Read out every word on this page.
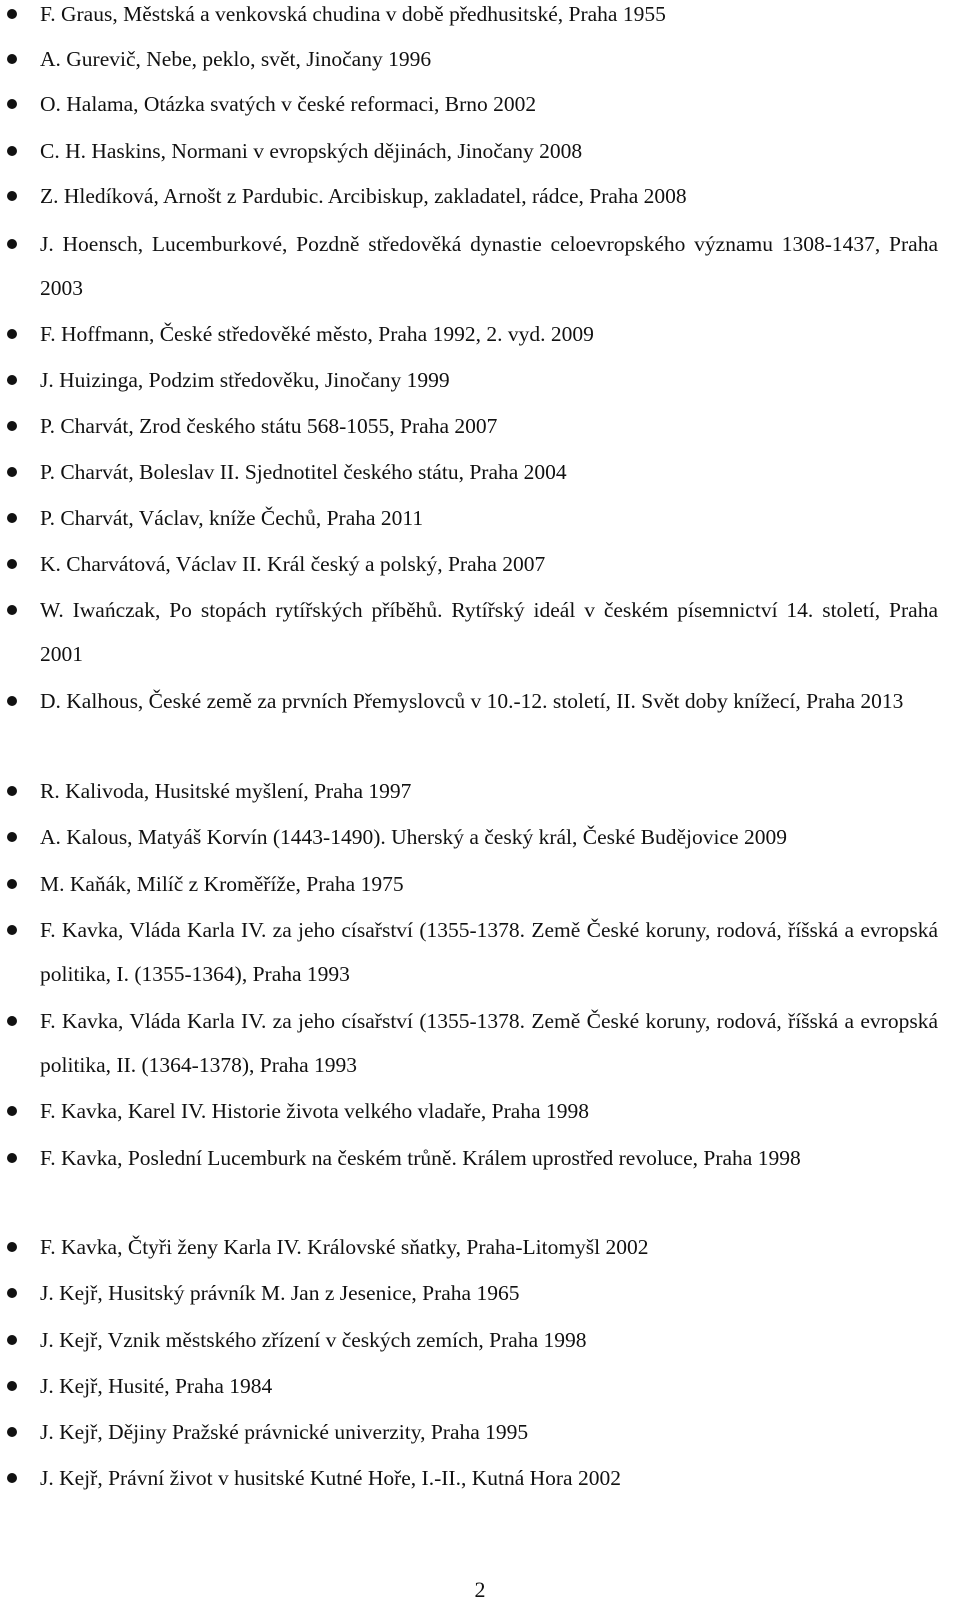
F. Graus, Městská a venkovská chudina v době předhusitské, Praha 1955
A. Gurevič, Nebe, peklo, svět, Jinočany 1996
O. Halama, Otázka svatých v české reformaci, Brno 2002
C. H. Haskins, Normani v evropských dějinách, Jinočany 2008
Z. Hledíková, Arnošt z Pardubic. Arcibiskup, zakladatel, rádce, Praha 2008
J. Hoensch, Lucemburkové, Pozdně středověká dynastie celoevropského významu 1308-1437, Praha 2003
F. Hoffmann, České středověké město, Praha 1992, 2. vyd. 2009
J. Huizinga, Podzim středověku, Jinočany 1999
P. Charvát, Zrod českého státu 568-1055, Praha 2007
P. Charvát, Boleslav II. Sjednotitel českého státu, Praha 2004
P. Charvát, Václav, kníže Čechů, Praha 2011
K. Charvátová, Václav II. Král český a polský, Praha 2007
W. Iwańczak, Po stopách rytířských příběhů. Rytířský ideál v českém písemnictví 14. století, Praha 2001
D. Kalhous, České země za prvních Přemyslovců v 10.-12. století, II. Svět doby knížecí, Praha 2013
R. Kalivoda, Husitské myšlení, Praha 1997
A. Kalous, Matyáš Korvín (1443-1490). Uherský a český král, České Budějovice 2009
M. Kaňák, Milíč z Kroměříže, Praha 1975
F. Kavka, Vláda Karla IV. za jeho císařství (1355-1378. Země České koruny, rodová, říšská a evropská politika, I. (1355-1364), Praha 1993
F. Kavka, Vláda Karla IV. za jeho císařství (1355-1378. Země České koruny, rodová, říšská a evropská politika, II. (1364-1378), Praha 1993
F. Kavka, Karel IV. Historie života velkého vladaře, Praha 1998
F. Kavka, Poslední Lucemburk na českém trůně. Králem uprostřed revoluce, Praha 1998
F. Kavka, Čtyři ženy Karla IV. Královské sňatky, Praha-Litomyšl 2002
J. Kejř, Husitský právník M. Jan z Jesenice, Praha 1965
J. Kejř, Vznik městského zřízení v českých zemích, Praha 1998
J. Kejř, Husité, Praha 1984
J. Kejř, Dějiny Pražské právnické univerzity, Praha 1995
J. Kejř, Právní život v husitské Kutné Hoře, I.-II., Kutná Hora 2002
2
